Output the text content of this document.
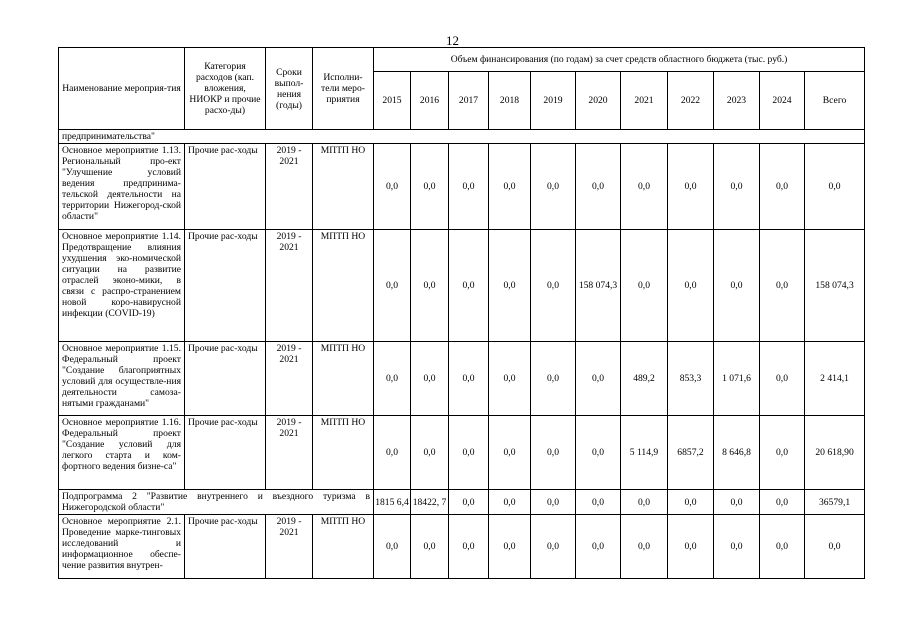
12
Наименование мероприя-тия	Категория расходов (кап. вложения, НИОКР и прочие расхо-ды)	Сроки выпол-нения (годы)	Исполни-тели меро-приятия	Объем финансирования (по годам) за счет средств областного бюджета (тыс. руб.)										
				2015	2016	2017	2018	2019	2020	2021	2022	2023	2024	Всего
предпринимательства"														
Основное мероприятие 1.13. Региональный про-ект "Улучшение условий ведения предпринима-тельской деятельности на территории Нижегород-ской области"	Прочие рас-ходы	2019 - 2021	МПТП НО	0,0	0,0	0,0	0,0	0,0	0,0	0,0	0,0	0,0	0,0	0,0
Основное мероприятие 1.14. Предотвращение влияния ухудшения эко-номической ситуации на развитие отраслей эконо-мики, в связи с распро-странением новой коро-навирусной инфекции (COVID-19)	Прочие рас-ходы	2019 - 2021	МПТП НО	0,0	0,0	0,0	0,0	0,0	158 074,3	0,0	0,0	0,0	0,0	158 074,3
Основное мероприятие 1.15. Федеральный проект "Создание благоприятных условий для осуществле-ния деятельности самоза-нятыми гражданами"	Прочие рас-ходы	2019 - 2021	МПТП НО	0,0	0,0	0,0	0,0	0,0	0,0	489,2	853,3	1 071,6	0,0	2 414,1
Основное мероприятие 1.16. Федеральный проект "Создание условий для легкого старта и ком-фортного ведения бизне-са"	Прочие рас-ходы	2019 - 2021	МПТП НО	0,0	0,0	0,0	0,0	0,0	0,0	5 114,9	6857,2	8 646,8	0,0	20 618,90
Подпрограмма 2 "Развитие внутреннего и въездного туризма в Нижегородской области"				1815 6,4	18422, 7	0,0	0,0	0,0	0,0	0,0	0,0	0,0	0,0	36579,1
Основное мероприятие 2.1. Проведение марке-тинговых исследований и информационное обеспе-чение развития внутрен-	Прочие рас-ходы	2019 - 2021	МПТП НО	0,0	0,0	0,0	0,0	0,0	0,0	0,0	0,0	0,0	0,0	0,0
